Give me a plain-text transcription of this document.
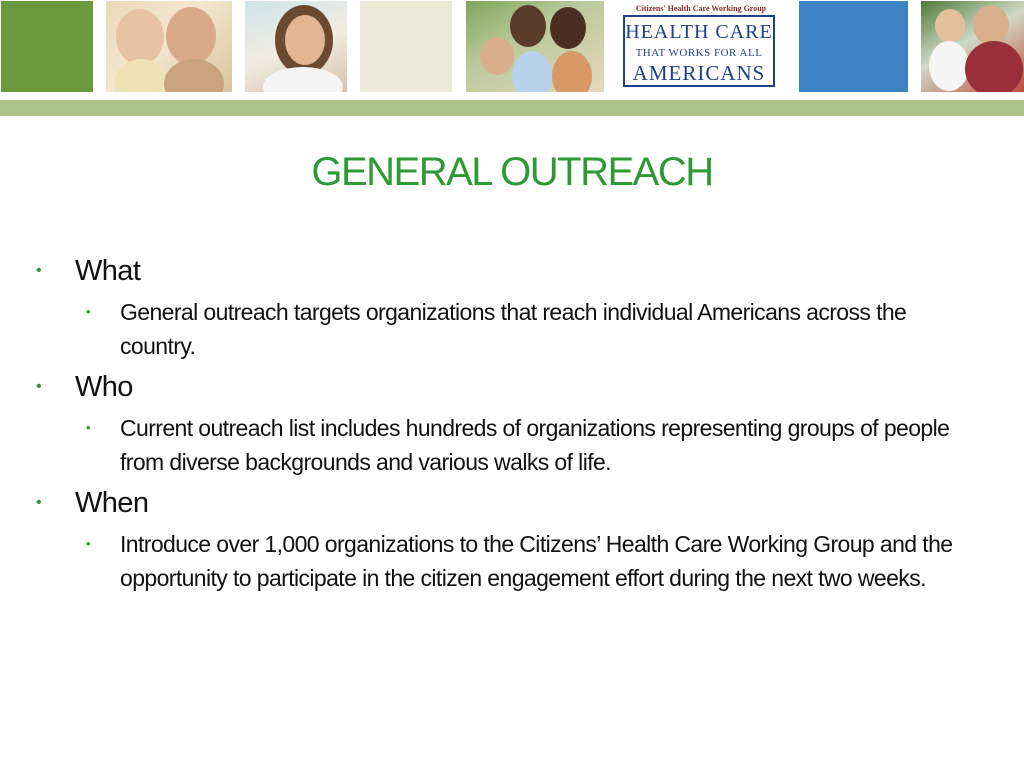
Citizens' Health Care Working Group
HEALTH CARE
THAT WORKS FOR ALL
AMERICANS
GENERAL OUTREACH
• What
• General outreach targets organizations that reach individual Americans across the country.
• Who
• Current outreach list includes hundreds of organizations representing groups of people from diverse backgrounds and various walks of life.
• When
• Introduce over 1,000 organizations to the Citizens’ Health Care Working Group and the opportunity to participate in the citizen engagement effort during the next two weeks.
